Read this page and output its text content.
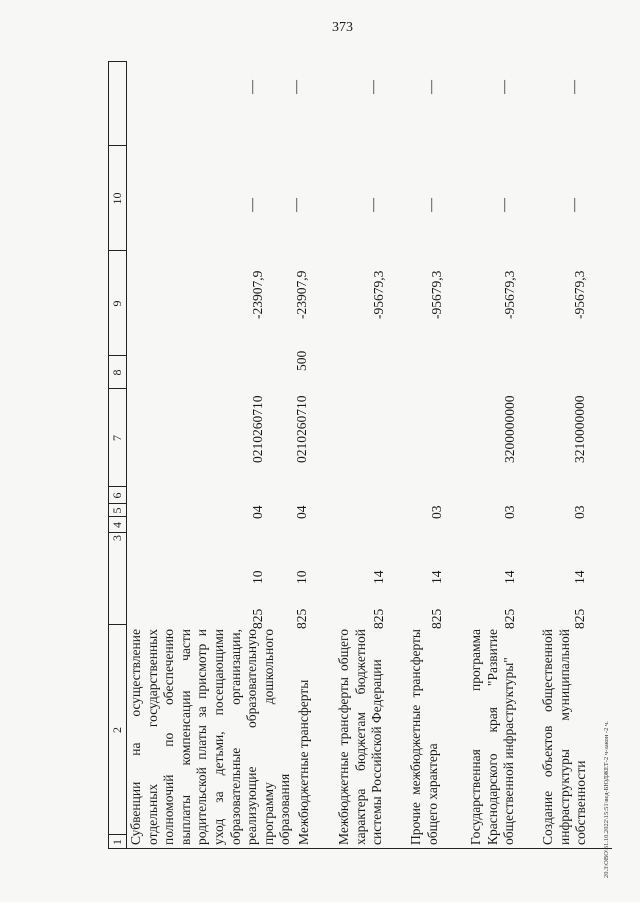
373
1
2
3
4
5
6
7
8
9
10
Субвенции на осуществление отдельных государственных полномочий по обеспечению выплаты компенсации части родительской платы за присмотр и уход за детьми, посещающими образовательные организации, реализующие образовательную программу дошкольного образования
825
10
04
0210260710
-23907,9
—
—
Межбюджетные трансферты
825
10
04
0210260710
500
-23907,9
—
—
Межбюджетные трансферты общего характера бюджетам бюджетной системы Российской Федерации
825
14
-95679,3
—
—
Прочие межбюджетные трансферты общего характера
825
14
03
-95679,3
—
—
Государственная программа Краснодарского края "Развитие общественной инфраструктуры"
825
14
03
3200000000
-95679,3
—
—
Создание объектов общественной инфраструктуры муниципальной собственности
825
14
03
3210000000
-95679,3
—
—
20.3\OBO\31.10.2022\15:51\вед-БЮДЖЕТ-2 ч-закон -2 ч.
